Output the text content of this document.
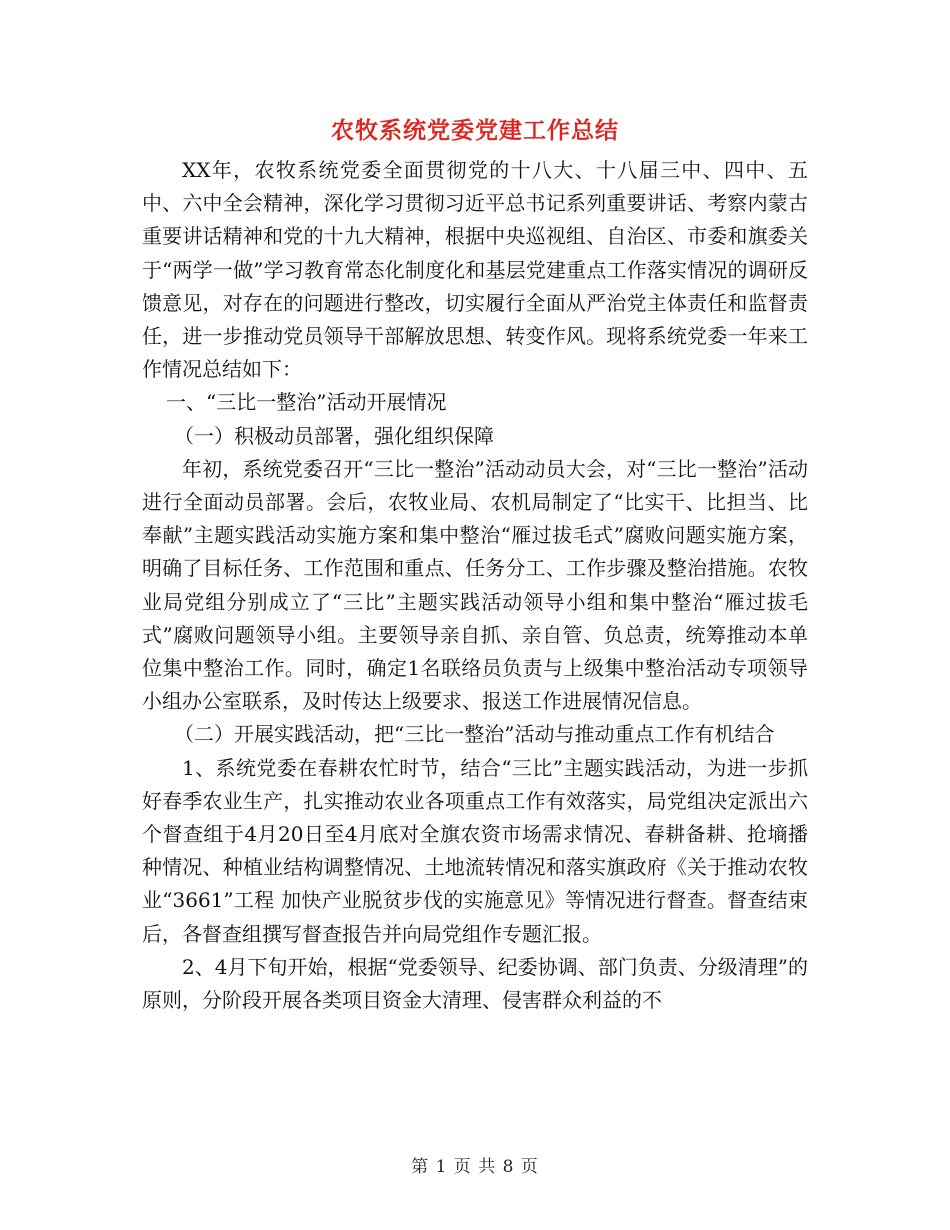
农牧系统党委党建工作总结

XX年，农牧系统党委全面贯彻党的十八大、十八届三中、四中、五中、六中全会精神，深化学习贯彻习近平总书记系列重要讲话、考察内蒙古重要讲话精神和党的十九大精神，根据中央巡视组、自治区、市委和旗委关于“两学一做”学习教育常态化制度化和基层党建重点工作落实情况的调研反馈意见，对存在的问题进行整改，切实履行全面从严治党主体责任和监督责任，进一步推动党员领导干部解放思想、转变作风。现将系统党委一年来工作情况总结如下：

一、“三比一整治”活动开展情况

（一）积极动员部署，强化组织保障

年初，系统党委召开“三比一整治”活动动员大会，对“三比一整治”活动进行全面动员部署。会后，农牧业局、农机局制定了“比实干、比担当、比奉献”主题实践活动实施方案和集中整治“雁过拔毛式”腐败问题实施方案，明确了目标任务、工作范围和重点、任务分工、工作步骤及整治措施。农牧业局党组分别成立了“三比”主题实践活动领导小组和集中整治“雁过拔毛式”腐败问题领导小组。主要领导亲自抓、亲自管、负总责，统筹推动本单位集中整治工作。同时，确定1名联络员负责与上级集中整治活动专项领导小组办公室联系，及时传达上级要求、报送工作进展情况信息。

（二）开展实践活动，把“三比一整治”活动与推动重点工作有机结合

1、系统党委在春耕农忙时节，结合“三比”主题实践活动，为进一步抓好春季农业生产，扎实推动农业各项重点工作有效落实，局党组决定派出六个督查组于4月20日至4月底对全旗农资市场需求情况、春耕备耕、抢墒播种情况、种植业结构调整情况、土地流转情况和落实旗政府《关于推动农牧业“3661”工程 加快产业脱贫步伐的实施意见》等情况进行督查。督查结束后，各督查组撰写督查报告并向局党组作专题汇报。

2、4月下旬开始，根据“党委领导、纪委协调、部门负责、分级清理”的原则，分阶段开展各类项目资金大清理、侵害群众利益的不

第 1 页 共 8 页
